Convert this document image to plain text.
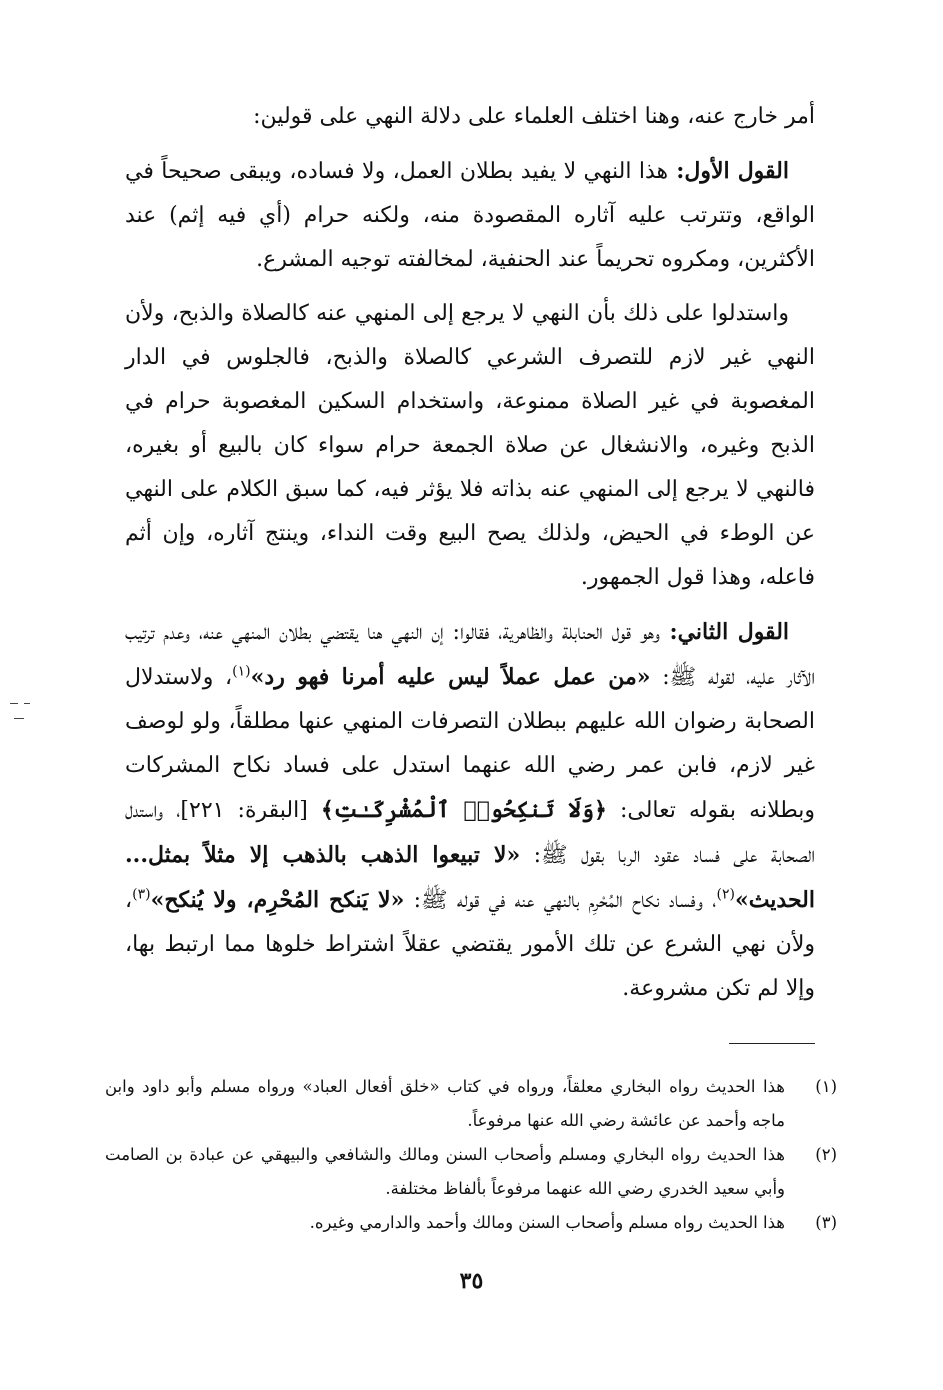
أمر خارج عنه، وهنا اختلف العلماء على دلالة النهي على قولين:

القول الأول: هذا النهي لا يفيد بطلان العمل، ولا فساده، ويبقى صحيحاً في الواقع، وتترتب عليه آثاره المقصودة منه، ولكنه حرام (أي فيه إثم) عند الأكثرين، ومكروه تحريماً عند الحنفية، لمخالفته توجيه المشرع.

واستدلوا على ذلك بأن النهي لا يرجع إلى المنهي عنه كالصلاة والذبح، ولأن النهي غير لازم للتصرف الشرعي كالصلاة والذبح، فالجلوس في الدار المغصوبة في غير الصلاة ممنوعة، واستخدام السكين المغصوبة حرام في الذبح وغيره، والانشغال عن صلاة الجمعة حرام سواء كان بالبيع أو بغيره، فالنهي لا يرجع إلى المنهي عنه بذاته فلا يؤثر فيه، كما سبق الكلام على النهي عن الوطء في الحيض، ولذلك يصح البيع وقت النداء، وينتج آثاره، وإن أثم فاعله، وهذا قول الجمهور.

القول الثاني: وهو قول الحنابلة والظاهرية، فقالوا: إن النهي هنا يقتضي بطلان المنهي عنه، وعدم ترتيب الآثار عليه، لقوله ﷺ: «من عمل عملاً ليس عليه أمرنا فهو رد»$^{(١)}$، ولاستدلال الصحابة رضوان الله عليهم ببطلان التصرفات المنهي عنها مطلقاً، ولو لوصف غير لازم، فابن عمر رضي الله عنهما استدل على فساد نكاح المشركات وبطلانه بقوله تعالى: ﴿وَلَا تَنكِحُوا۟ ٱلْمُشْرِكَـٰتِ﴾ [البقرة: ٢٢١]، واستدل الصحابة على فساد عقود الربا بقول ﷺ: «لا تبيعوا الذهب بالذهب إلا مثلاً بمثل... الحديث»$^{(٢)}$، وفساد نكاح المُحْرِم بالنهي عنه في قوله ﷺ: «لا يَنكح المُحْرِم، ولا يُنكح»$^{(٣)}$، ولأن نهي الشرع عن تلك الأمور يقتضي عقلاً اشتراط خلوها مما ارتبط بها، وإلا لم تكن مشروعة.

(١)
هذا الحديث رواه البخاري معلقاً، ورواه في كتاب «خلق أفعال العباد» ورواه مسلم وأبو داود وابن ماجه وأحمد عن عائشة رضي الله عنها مرفوعاً.
(٢)
هذا الحديث رواه البخاري ومسلم وأصحاب السنن ومالك والشافعي والبيهقي عن عبادة بن الصامت وأبي سعيد الخدري رضي الله عنهما مرفوعاً بألفاظ مختلفة.
(٣)
هذا الحديث رواه مسلم وأصحاب السنن ومالك وأحمد والدارمي وغيره.
٣٥
